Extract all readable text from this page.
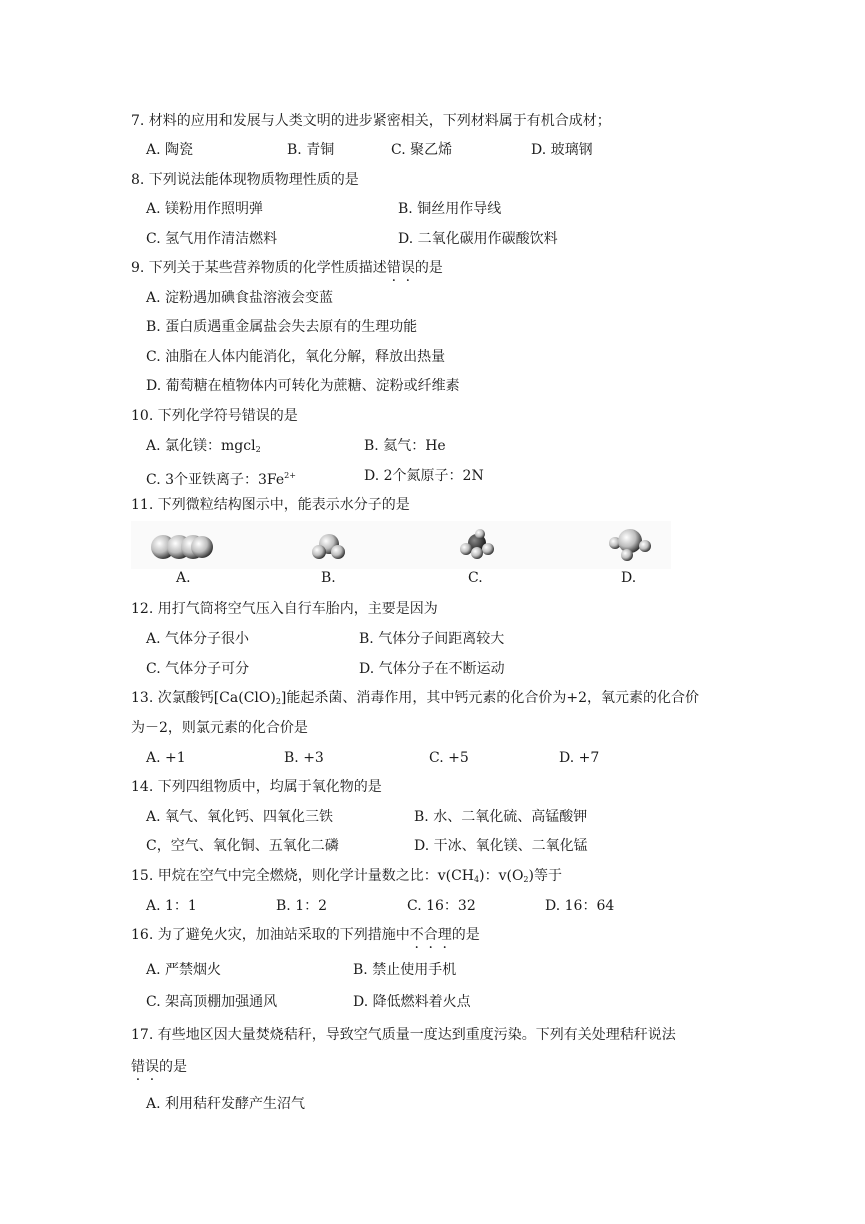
7. 材料的应用和发展与人类文明的进步紧密相关，下列材料属于有机合成材；
A. 陶瓷	B. 青铜	C. 聚乙烯	D. 玻璃钢
8. 下列说法能体现物质物理性质的是
A. 镁粉用作照明弹	B. 铜丝用作导线
C. 氢气用作清洁燃料	D. 二氧化碳用作碳酸饮料
9. 下列关于某些营养物质的化学性质描述错误的是
A. 淀粉遇加碘食盐溶液会变蓝
B. 蛋白质遇重金属盐会失去原有的生理功能
C. 油脂在人体内能消化，氧化分解，释放出热量
D. 葡萄糖在植物体内可转化为蔗糖、淀粉或纤维素
10. 下列化学符号错误的是
A. 氯化镁：mgcl$_2$	B. 氦气：He
C. 3个亚铁离子：$3Fe^{2+}$	D. 2个氮原子：2N
11. 下列微粒结构图示中，能表示水分子的是
A.	B.	C.	D.
12. 用打气筒将空气压入自行车胎内，主要是因为
A. 气体分子很小	B. 气体分子间距离较大
C. 气体分子可分	D. 气体分子在不断运动
13. 次氯酸钙$[Ca(ClO)_2]$能起杀菌、消毒作用，其中钙元素的化合价为+2，氧元素的化合价
为－2，则氯元素的化合价是
A. +1	B. +3	C. +5	D. +7
14. 下列四组物质中，均属于氧化物的是
A. 氧气、氧化钙、四氧化三铁	B. 水、二氧化硫、高锰酸钾
C，空气、氧化铜、五氧化二磷	D. 干冰、氧化镁、二氧化锰
15. 甲烷在空气中完全燃烧，则化学计量数之比：$v(CH_4)$：$v(O_2)$等于
A. 1：1	B. 1：2	C. 16：32	D. 16：64
16. 为了避免火灾，加油站采取的下列措施中不合理的是
A. 严禁烟火	B. 禁止使用手机
C. 架高顶棚加强通风	D. 降低燃料着火点
17. 有些地区因大量焚烧秸秆，导致空气质量一度达到重度污染。下列有关处理秸秆说法
错误的是
A. 利用秸秆发酵产生沼气
